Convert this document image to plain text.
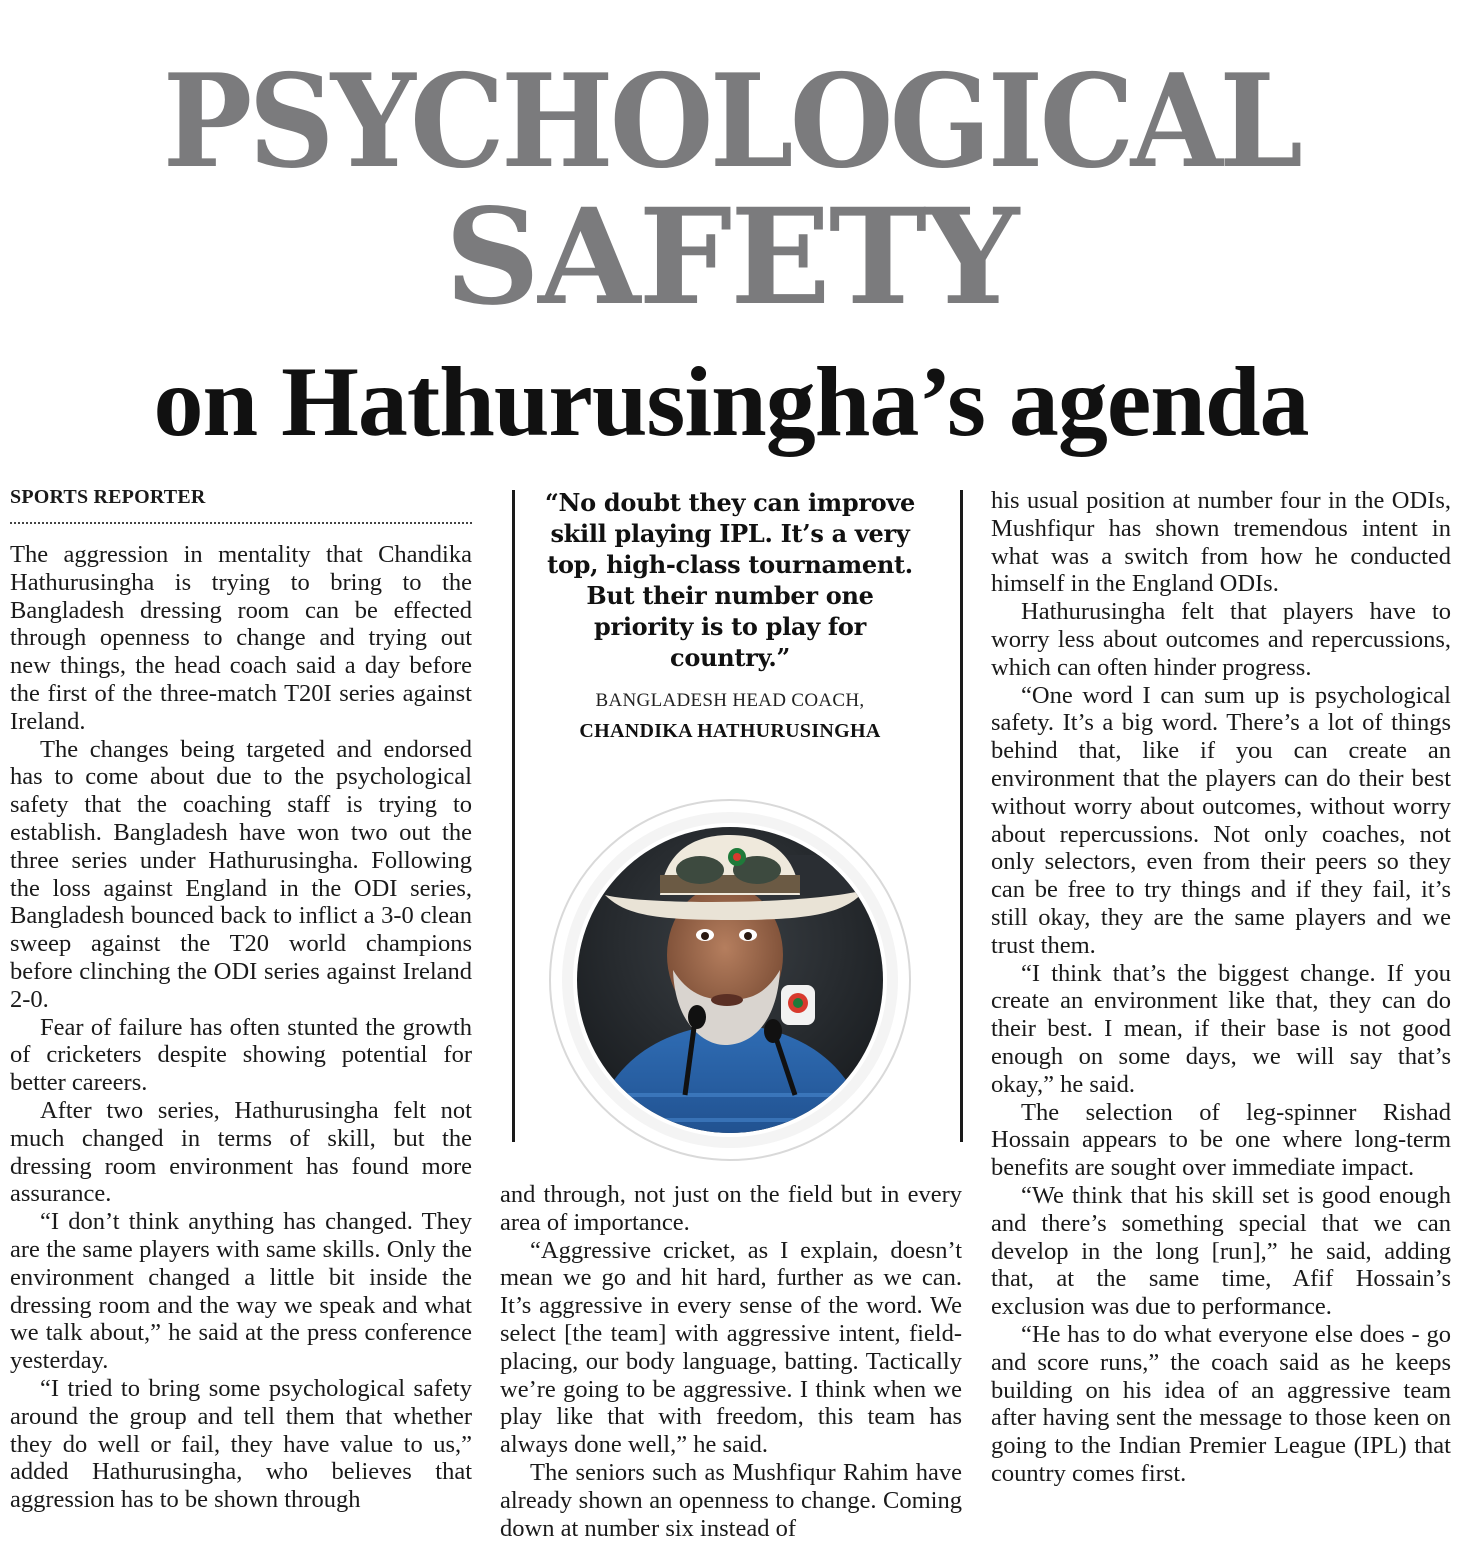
PSYCHOLOGICAL
SAFETY
on Hathurusingha’s agenda
SPORTS REPORTER

The aggression in mentality that Chandika Hathurusingha is trying to bring to the Bangladesh dressing room can be effected through openness to change and trying out new things, the head coach said a day before the first of the three-match T20I series against Ireland.

The changes being targeted and endorsed has to come about due to the psychological safety that the coaching staff is trying to establish. Bangladesh have won two out the three series under Hathurusingha. Following the loss against England in the ODI series, Bangladesh bounced back to inflict a 3-0 clean sweep against the T20 world champions before clinching the ODI series against Ireland 2-0.

Fear of failure has often stunted the growth of cricketers despite showing potential for better careers.

After two series, Hathurusingha felt not much changed in terms of skill, but the dressing room environment has found more assurance.

“I don’t think anything has changed. They are the same players with same skills. Only the environment changed a little bit inside the dressing room and the way we speak and what we talk about,” he said at the press conference yesterday.

“I tried to bring some psychological safety around the group and tell them that whether they do well or fail, they have value to us,” added Hathurusingha, who believes that aggression has to be shown through

“No doubt they can improve skill playing IPL. It’s a very top, high-class tournament. But their number one priority is to play for country.”

BANGLADESH HEAD COACH,
CHANDIKA HATHURUSINGHA

and through, not just on the field but in every area of importance.

“Aggressive cricket, as I explain, doesn’t mean we go and hit hard, further as we can. It’s aggressive in every sense of the word. We select [the team] with aggressive intent, field-placing, our body language, batting. Tactically we’re going to be aggressive. I think when we play like that with freedom, this team has always done well,” he said.

The seniors such as Mushfiqur Rahim have already shown an openness to change. Coming down at number six instead of

his usual position at number four in the ODIs, Mushfiqur has shown tremendous intent in what was a switch from how he conducted himself in the England ODIs.

Hathurusingha felt that players have to worry less about outcomes and repercussions, which can often hinder progress.

“One word I can sum up is psychological safety. It’s a big word. There’s a lot of things behind that, like if you can create an environment that the players can do their best without worry about outcomes, without worry about repercussions. Not only coaches, not only selectors, even from their peers so they can be free to try things and if they fail, it’s still okay, they are the same players and we trust them.

“I think that’s the biggest change. If you create an environment like that, they can do their best. I mean, if their base is not good enough on some days, we will say that’s okay,” he said.

The selection of leg-spinner Rishad Hossain appears to be one where long-term benefits are sought over immediate impact.

“We think that his skill set is good enough and there’s something special that we can develop in the long [run],” he said, adding that, at the same time, Afif Hossain’s exclusion was due to performance.

“He has to do what everyone else does - go and score runs,” the coach said as he keeps building on his idea of an aggressive team after having sent the message to those keen on going to the Indian Premier League (IPL) that country comes first.
